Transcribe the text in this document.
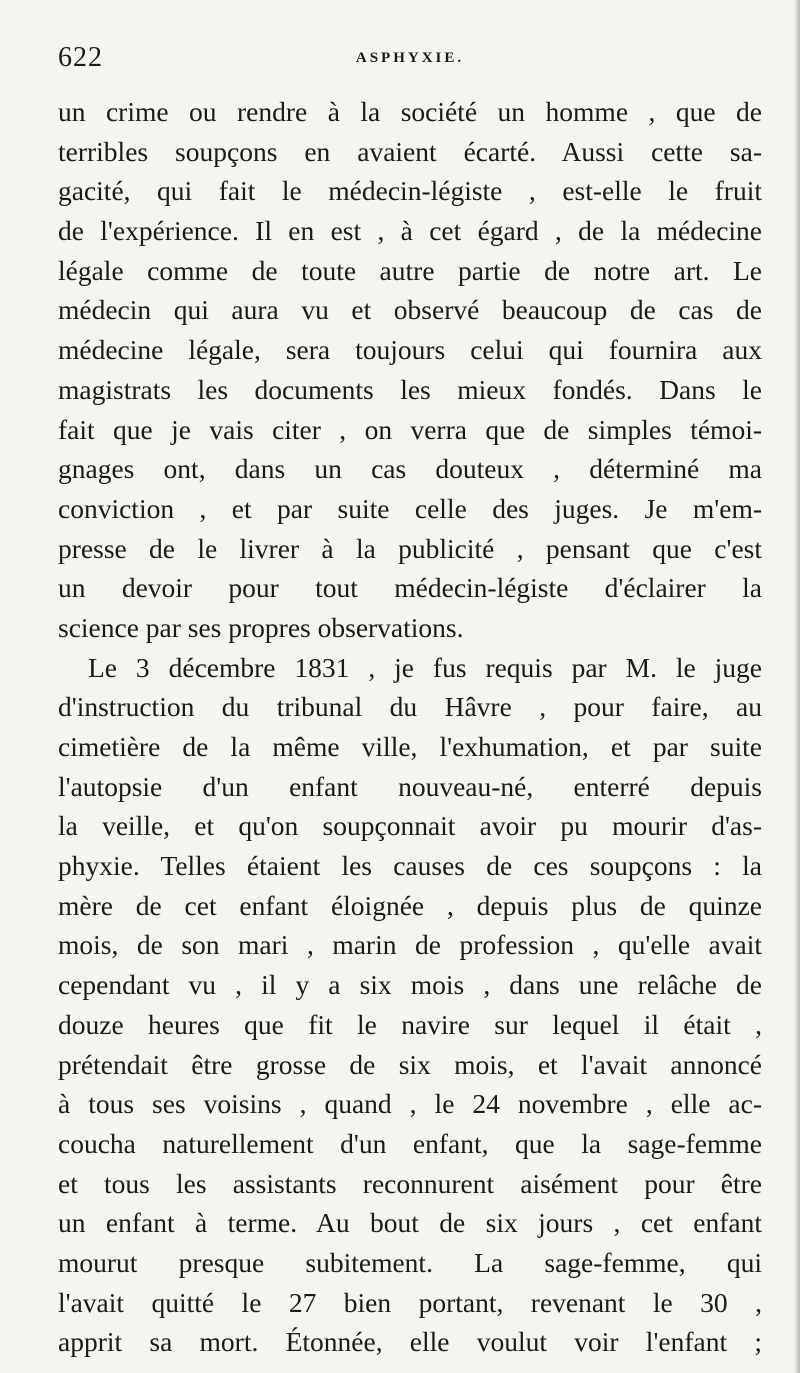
622	ASPHYXIE.
un crime ou rendre à la société un homme , que de
terribles soupçons en avaient écarté. Aussi cette sa-
gacité, qui fait le médecin-légiste , est-elle le fruit
de l'expérience. Il en est , à cet égard , de la médecine
légale comme de toute autre partie de notre art. Le
médecin qui aura vu et observé beaucoup de cas de
médecine légale, sera toujours celui qui fournira aux
magistrats les documents les mieux fondés. Dans le
fait que je vais citer , on verra que de simples témoi-
gnages ont, dans un cas douteux , déterminé ma
conviction , et par suite celle des juges. Je m'em-
presse de le livrer à la publicité , pensant que c'est
un devoir pour tout médecin-légiste d'éclairer la
science par ses propres observations.
Le 3 décembre 1831 , je fus requis par M. le juge
d'instruction du tribunal du Hâvre , pour faire, au
cimetière de la même ville, l'exhumation, et par suite
l'autopsie d'un enfant nouveau-né, enterré depuis
la veille, et qu'on soupçonnait avoir pu mourir d'as-
phyxie. Telles étaient les causes de ces soupçons : la
mère de cet enfant éloignée , depuis plus de quinze
mois, de son mari , marin de profession , qu'elle avait
cependant vu , il y a six mois , dans une relâche de
douze heures que fit le navire sur lequel il était ,
prétendait être grosse de six mois, et l'avait annoncé
à tous ses voisins , quand , le 24 novembre , elle ac-
coucha naturellement d'un enfant, que la sage-femme
et tous les assistants reconnurent aisément pour être
un enfant à terme. Au bout de six jours , cet enfant
mourut presque subitement. La sage-femme, qui
l'avait quitté le 27 bien portant, revenant le 30 ,
apprit sa mort. Étonnée, elle voulut voir l'enfant ;
